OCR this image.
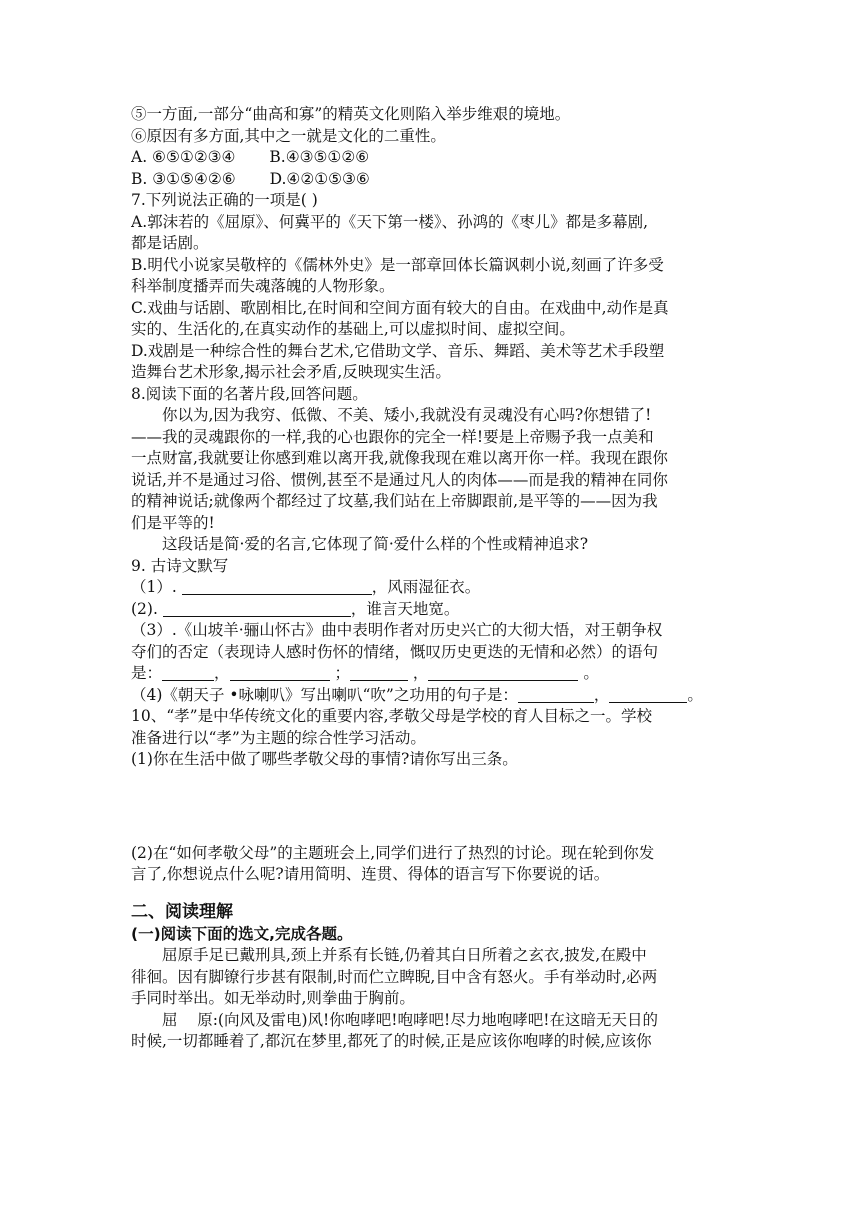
⑤一方面,一部分“曲高和寡”的精英文化则陷入举步维艰的境地。
⑥原因有多方面,其中之一就是文化的二重性。
A. ⑥⑤①②③④ B.④③⑤①②⑥
B. ③①⑤④②⑥ D.④②①⑤③⑥
7.下列说法正确的一项是( )
A.郭沫若的《屈原》、何冀平的《天下第一楼》、孙鸿的《枣儿》都是多幕剧,
都是话剧。
B.明代小说家吴敬梓的《儒林外史》是一部章回体长篇讽刺小说,刻画了许多受
科举制度播弄而失魂落魄的人物形象。
C.戏曲与话剧、歌剧相比,在时间和空间方面有较大的自由。在戏曲中,动作是真
实的、生活化的,在真实动作的基础上,可以虚拟时间、虚拟空间。
D.戏剧是一种综合性的舞台艺术,它借助文学、音乐、舞蹈、美术等艺术手段塑
造舞台艺术形象,揭示社会矛盾,反映现实生活。
8.阅读下面的名著片段,回答问题。
你以为,因为我穷、低微、不美、矮小,我就没有灵魂没有心吗?你想错了!
——我的灵魂跟你的一样,我的心也跟你的完全一样!要是上帝赐予我一点美和
一点财富,我就要让你感到难以离开我,就像我现在难以离开你一样。我现在跟你
说话,并不是通过习俗、惯例,甚至不是通过凡人的肉体——而是我的精神在同你
的精神说话;就像两个都经过了坟墓,我们站在上帝脚跟前,是平等的——因为我
们是平等的!
这段话是简·爱的名言,它体现了简·爱什么样的个性或精神追求?
9. 古诗文默写
（1）.	，风雨湿征衣。
(2).	，谁言天地宽。
（3）.《山坡羊·骊山怀古》曲中表明作者对历史兴亡的大彻大悟，对王朝争权
夺们的否定（表现诗人感时伤怀的情绪，慨叹历史更迭的无情和必然）的语句
是：	，	；	，	。
（4)《朝天子 •咏喇叭》写出喇叭“吹”之功用的句子是：	，	。
10、“孝”是中华传统文化的重要内容,孝敬父母是学校的育人目标之一。学校
准备进行以“孝”为主题的综合性学习活动。
(1)你在生活中做了哪些孝敬父母的事情?请你写出三条。
(2)在“如何孝敬父母”的主题班会上,同学们进行了热烈的讨论。现在轮到你发
言了,你想说点什么呢?请用简明、连贯、得体的语言写下你要说的话。
二、阅读理解
(一)阅读下面的选文,完成各题。
屈原手足已戴刑具,颈上并系有长链,仍着其白日所着之玄衣,披发,在殿中
徘徊。因有脚镣行步甚有限制,时而伫立睥睨,目中含有怒火。手有举动时,必两
手同时举出。如无举动时,则拳曲于胸前。
屈    原:(向风及雷电)风!你咆哮吧!咆哮吧!尽力地咆哮吧!在这暗无天日的
时候,一切都睡着了,都沉在梦里,都死了的时候,正是应该你咆哮的时候,应该你
